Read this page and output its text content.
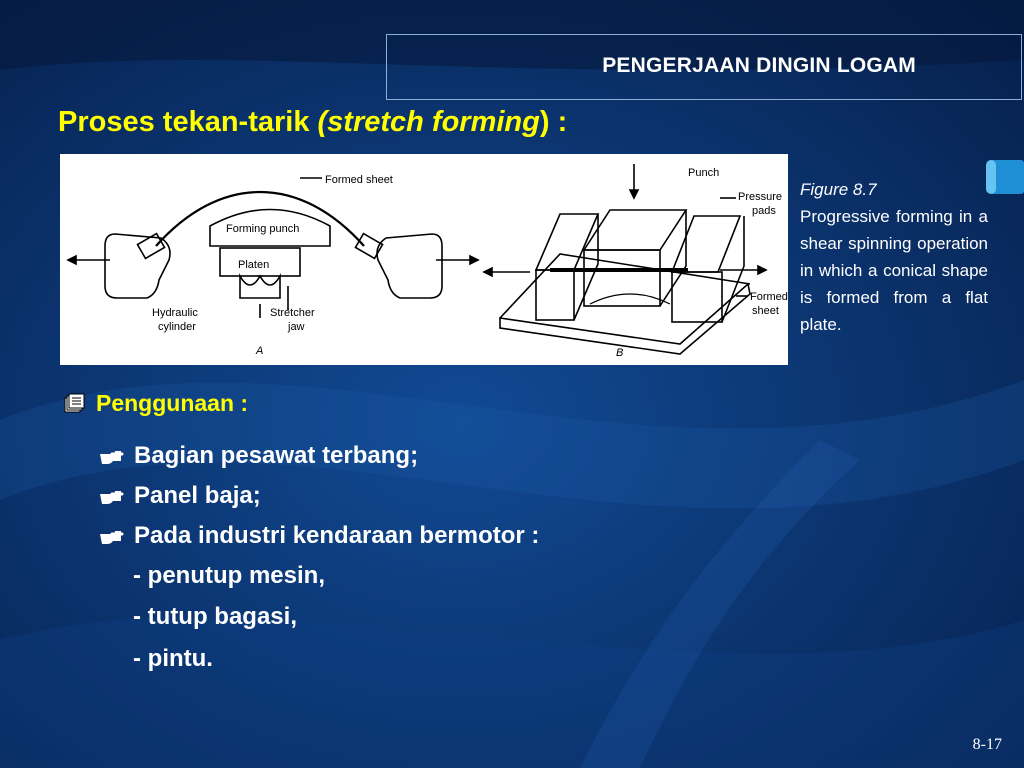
PENGERJAAN DINGIN LOGAM
Proses tekan-tarik (stretch forming) :
Formed sheet
Forming punch
Platen
Hydraulic
cylinder
Stretcher
jaw
A
Punch
Pressure
pads
Formed
sheet
B
Figure 8.7
Progressive forming in a shear spinning operation in which a conical shape is formed from a flat plate.
Penggunaan :
Bagian pesawat terbang;
Panel baja;
Pada industri kendaraan bermotor :
- penutup mesin,
- tutup bagasi,
- pintu.
8-17
